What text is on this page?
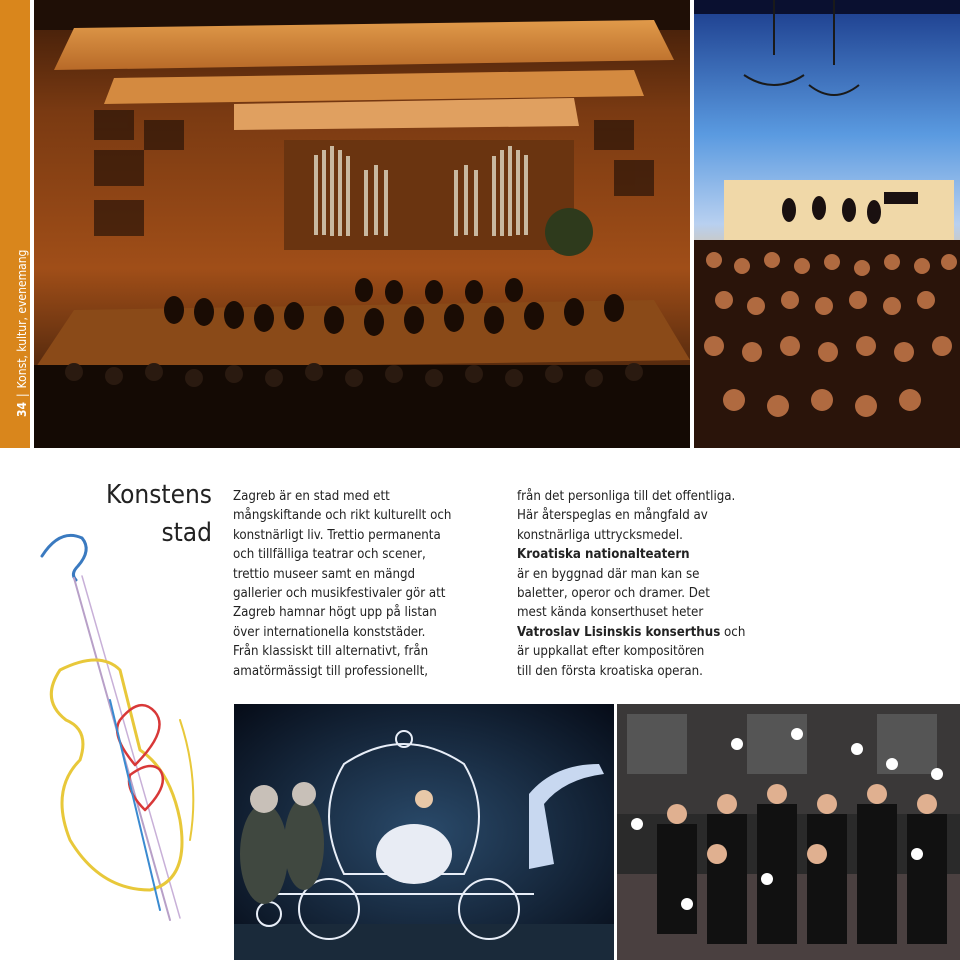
34|Konst, kultur, evenemang
Konstens
stad

Zagreb är en stad med ett
mångskiftande och rikt kulturellt och
konstnärligt liv. Trettio permanenta
och tillfälliga teatrar och scener,
trettio museer samt en mängd
gallerier och musikfestivaler gör att
Zagreb hamnar högt upp på listan
över internationella konststäder.
Från klassiskt till alternativt, från
amatörmässigt till professionellt,

från det personliga till det offentliga.
Här återspeglas en mångfald av
konstnärliga uttrycksmedel.
Kroatiska nationalteatern
är en byggnad där man kan se
baletter, operor och dramer. Det
mest kända konserthuset heter
Vatroslav Lisinskis konserthus och
är uppkallat efter kompositören
till den första kroatiska operan.
